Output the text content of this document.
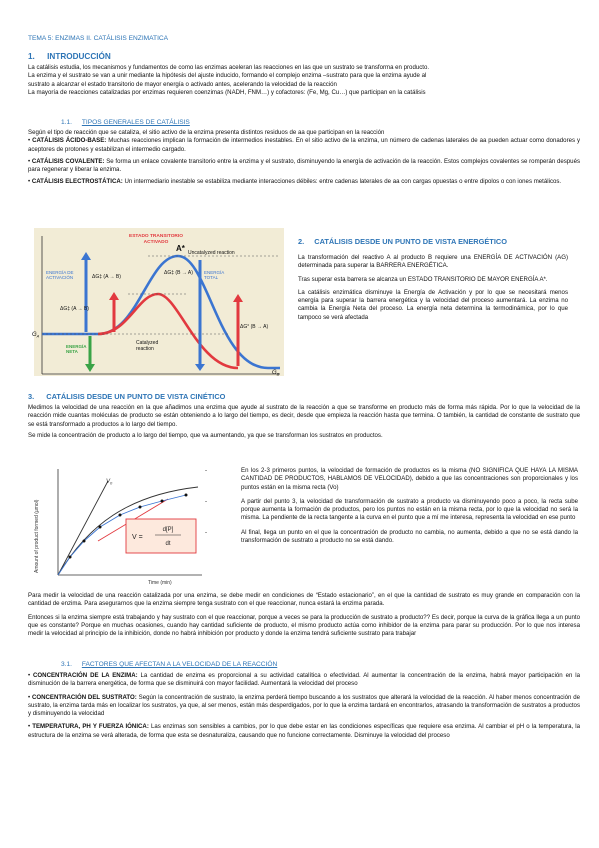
TEMA 5: ENZIMAS II. CATÁLISIS ENZIMATICA
1. INTRODUCCIÓN

La catálisis estudia, los mecanismos y fundamentos de como las enzimas aceleran las reacciones en las que un sustrato se transforma en producto.

La enzima y el sustrato se van a unir mediante la hipótesis del ajuste inducido, formando el complejo enzima –sustrato para que la enzima ayude al

sustrato a alcanzar el estado transitorio de mayor energía o activado antes, acelerando la velocidad de la reacción

La mayoría de reacciones catalizadas por enzimas requieren coenzimas (NADH, FNM…) y cofactores: (Fe, Mg, Cu…) que participan en la catálisis

1.1. TIPOS GENERALES DE CATÁLISIS

Según el tipo de reacción que se cataliza, el sitio activo de la enzima presenta distintos residuos de aa que participan en la reacción

• CATÁLISIS ÁCIDO-BASE: Muchas reacciones implican la formación de intermedios inestables. En el sitio activo de la enzima, un número de cadenas laterales de aa pueden actuar como donadores y aceptores de protones y estabilizan el intermedio cargado.

• CATÁLISIS COVALENTE: Se forma un enlace covalente transitorio entre la enzima y el sustrato, disminuyendo la energía de activación de la reacción. Estos complejos covalentes se romperán después para regenerar y liberar la enzima.

• CATÁLISIS ELECTROSTÁTICA: Un intermediario inestable se estabiliza mediante interacciones débiles: entre cadenas laterales de aa con cargas opuestas o entre dipolos o con iones metálicos.

ESTADO TRANSITORIO
ACTIVADO
A* Uncatalyzed reaction
ENERGÍA DE
ACTIVACIÓN	ΔG‡ (A → B)
ΔG‡ (B → A) ENERGÍA
TOTAL
ΔG‡ (A → B)
ΔG° (B → A)
ENERGÍA
NETA
Catalyzed
reaction
$G_A$
$G_B$
2. CATÁLISIS DESDE UN PUNTO DE VISTA ENERGÉTICO

La transformación del reactivo A al producto B requiere una ENERGÍA DE ACTIVACIÓN (AG) determinada para superar la BARRERA ENERGÉTICA.

Tras superar esta barrera se alcanza un ESTADO TRANSITORIO DE MAYOR ENERGÍA A*.

La catálisis enzimática disminuye la Energía de Activación y por lo que se necesitará menos energía para superar la barrera energética y la velocidad del proceso aumentará. La enzima no cambia la Energía Neta del proceso. La energía neta determina la termodinámica, por lo que tampoco se verá afectada

3. CATÁLISIS DESDE UN PUNTO DE VISTA CINÉTICO

Medimos la velocidad de una reacción en la que añadimos una enzima que ayude al sustrato de la reacción a que se transforme en producto más de forma más rápida. Por lo que la velocidad de la reacción mide cuantas moléculas de producto se están obteniendo a lo largo del tiempo, es decir, desde que empieza la reacción hasta que termina. O también, la cantidad de constante de sustrato que se está transformado a productos a lo largo del tiempo.

Se mide la concentración de producto a lo largo del tiempo, que va aumentando, ya que se transforman los sustratos en productos.

Amount of product formed (µmol)
Time (min)
$V_0$
V =
d[P]
dt
-	En los 2-3 primeros puntos, la velocidad de formación de productos es la misma (NO SIGNIFICA QUE HAYA LA MISMA CANTIDAD DE PRODUCTOS, HABLAMOS DE VELOCIDAD), debido a que las concentraciones son proporcionales y los puntos están en la misma recta (Vo)

-	A partir del punto 3, la velocidad de transformación de sustrato a producto va disminuyendo poco a poco, la recta sube porque aumenta la formación de productos, pero los puntos no están en la misma recta, por lo que la velocidad no será la misma. La pendiente de la recta tangente a la curva en el punto que a mí me interesa, representa la velocidad en ese punto

-	Al final, llega un punto en el que la concentración de producto no cambia, no aumenta, debido a que no se está dando la transformación de sustrato a producto no se está dando.

Para medir la velocidad de una reacción catalizada por una enzima, se debe medir en condiciones de “Estado estacionario”, en el que la cantidad de sustrato es muy grande en comparación con la cantidad de enzima. Para asegurarnos que la enzima siempre tenga sustrato con el que reaccionar, nunca estará la enzima parada.

Entonces si la enzima siempre está trabajando y hay sustrato con el que reaccionar, porque a veces se para la producción de sustrato a producto?? Es decir, porque la curva de la gráfica llega a un punto que es constante? Porque en muchas ocasiones, cuando hay cantidad suficiente de producto, el mismo producto actúa como inhibidor de la enzima para parar su producción. Por lo que nos interesa medir la velocidad al principio de la inhibición, donde no habrá inhibición por producto y donde la enzima tendrá suficiente sustrato para trabajar

3.1. FACTORES QUE AFECTAN A LA VELOCIDAD DE LA REACCIÓN

• CONCENTRACIÓN DE LA ENZIMA: La cantidad de enzima es proporcional a su actividad catalítica o efectividad. Al aumentar la concentración de la enzima, habrá mayor participación en la disminución de la barrera energética, de forma que se disminuirá con mayor facilidad. Aumentará la velocidad del proceso

• CONCENTRACIÓN DEL SUSTRATO: Según la concentración de sustrato, la enzima perderá tiempo buscando a los sustratos que alterará la velocidad de la reacción. Al haber menos concentración de sustrato, la enzima tarda más en localizar los sustratos, ya que, al ser menos, están más desperdigados, por lo que la enzima tardará en encontrarlos, atrasando la transformación de sustratos a productos y disminuyendo la velocidad

• TEMPERATURA, PH Y FUERZA IÓNICA: Las enzimas son sensibles a cambios, por lo que debe estar en las condiciones específicas que requiere esa enzima. Al cambiar el pH o la temperatura, la estructura de la enzima se verá alterada, de forma que esta se desnaturaliza, causando que no funcione correctamente. Disminuye la velocidad del proceso
